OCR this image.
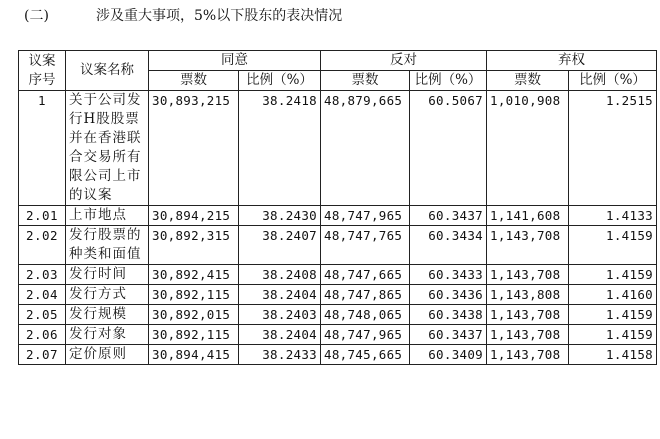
(二)	涉及重大事项，5%以下股东的表决情况
议案序号	议案名称	同意		反对		弃权	
		票数	比例（%）	票数	比例（%）	票数	比例（%）
1	关于公司发行H股股票并在香港联合交易所有限公司上市的议案	30,893,215	38.2418	48,879,665	60.5067	1,010,908	1.2515
2.01	上市地点	30,894,215	38.2430	48,747,965	60.3437	1,141,608	1.4133
2.02	发行股票的种类和面值	30,892,315	38.2407	48,747,765	60.3434	1,143,708	1.4159
2.03	发行时间	30,892,415	38.2408	48,747,665	60.3433	1,143,708	1.4159
2.04	发行方式	30,892,115	38.2404	48,747,865	60.3436	1,143,808	1.4160
2.05	发行规模	30,892,015	38.2403	48,748,065	60.3438	1,143,708	1.4159
2.06	发行对象	30,892,115	38.2404	48,747,965	60.3437	1,143,708	1.4159
2.07	定价原则	30,894,415	38.2433	48,745,665	60.3409	1,143,708	1.4158
